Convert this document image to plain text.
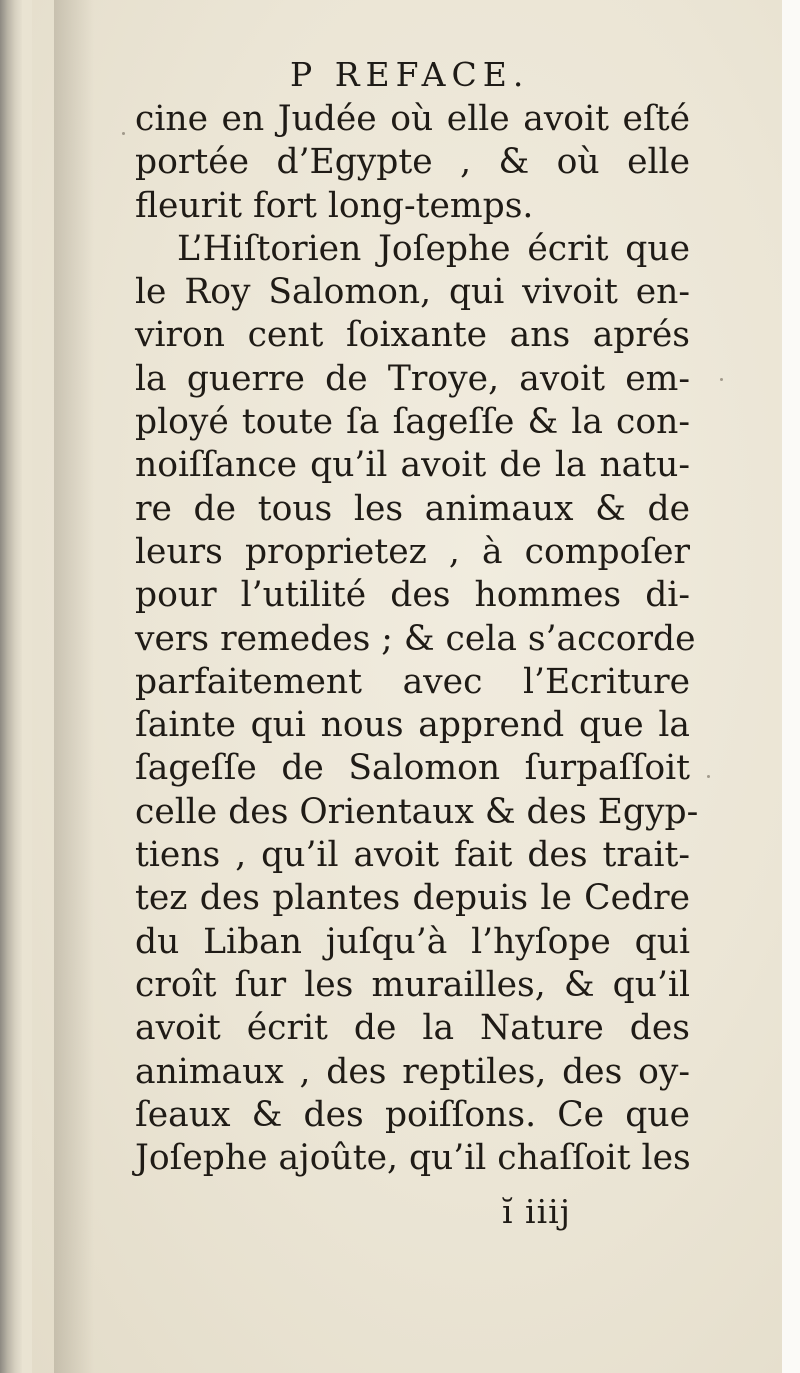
P REFACE.
cine en Judée où elle avoit eſté
portée d’Egypte , & où elle
fleurit fort long-temps.
L’Hiſtorien Joſephe écrit que
le Roy Salomon, qui vivoit en-
viron cent ſoixante ans aprés
la guerre de Troye, avoit em-
ployé toute ſa ſageſſe & la con-
noiſſance qu’il avoit de la natu-
re de tous les animaux & de
leurs proprietez , à compoſer
pour l’utilité des hommes di-
vers remedes ; & cela s’accorde
parfaitement avec l’Ecriture
ſainte qui nous apprend que la
ſageſſe de Salomon ſurpaſſoit
celle des Orientaux & des Egyp-
tiens , qu’il avoit fait des trait-
tez des plantes depuis le Cedre
du Liban juſqu’à l’hyſope qui
croît ſur les murailles, & qu’il
avoit écrit de la Nature des
animaux , des reptiles, des oy-
ſeaux & des poiſſons. Ce que
Joſephe ajoûte, qu’il chaſſoit les
ĭ iiij
